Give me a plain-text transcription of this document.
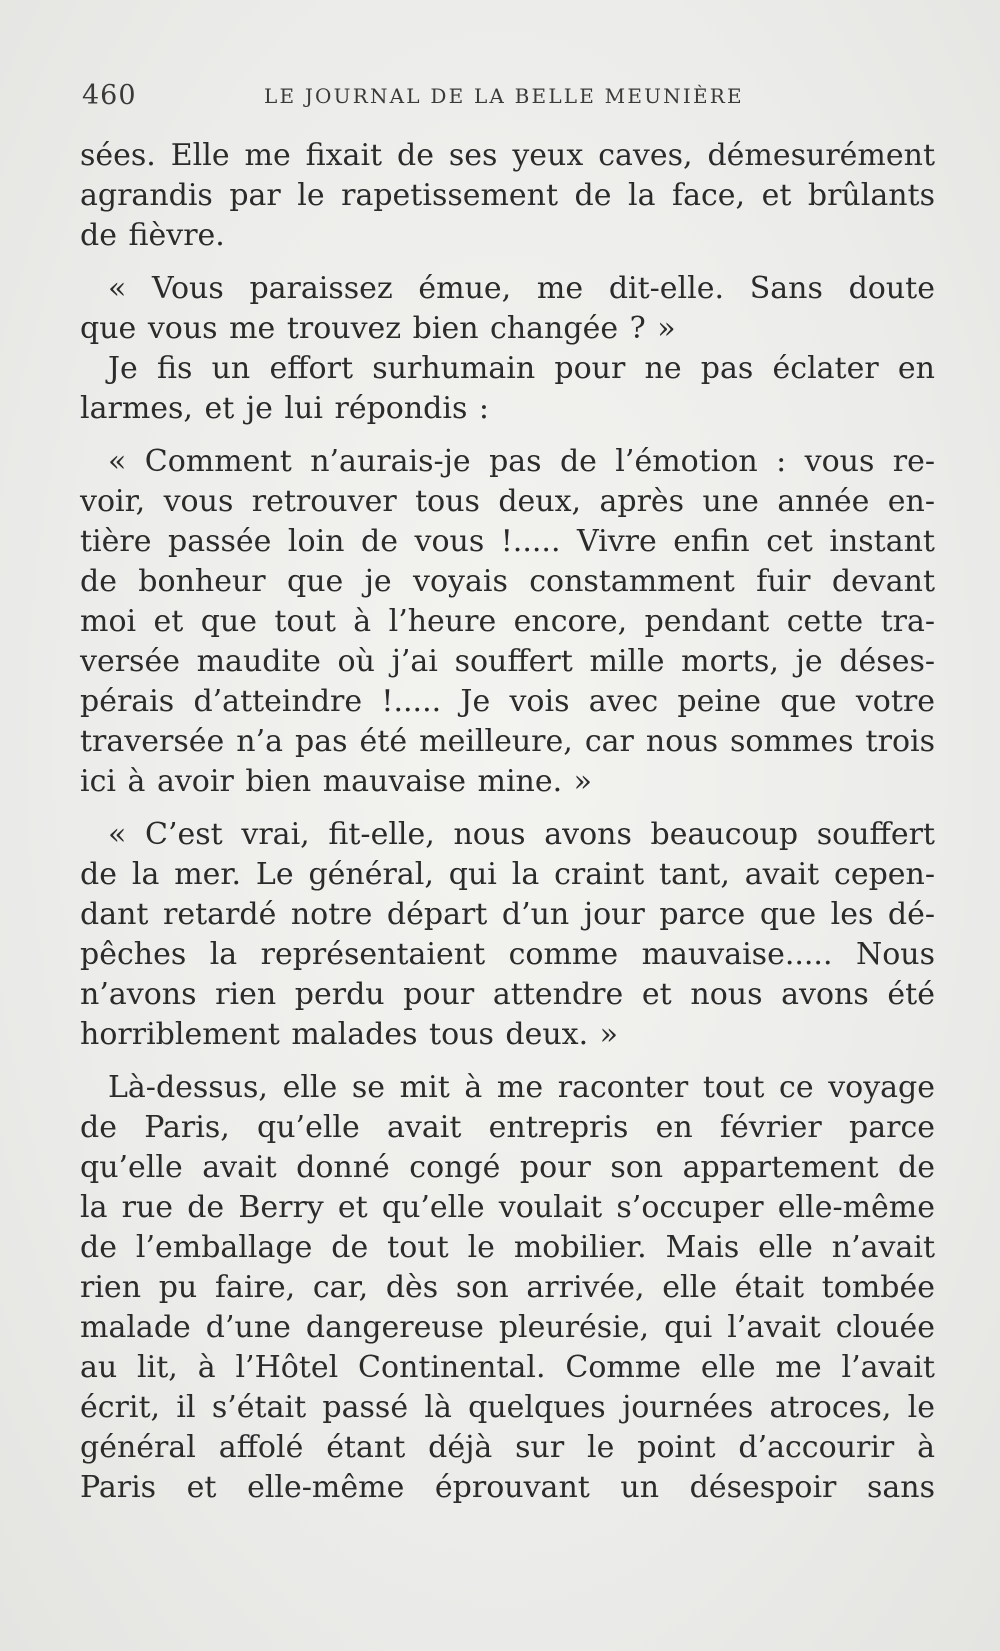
460	LE JOURNAL DE LA BELLE MEUNIÈRE

sées. Elle me fixait de ses yeux caves, démesurément
agrandis par le rapetissement de la face, et brûlants
de fièvre.

« Vous paraissez émue, me dit-elle. Sans doute
que vous me trouvez bien changée ? »

Je fis un effort surhumain pour ne pas éclater en
larmes, et je lui répondis :

« Comment n’aurais-je pas de l’émotion : vous re-
voir, vous retrouver tous deux, après une année en-
tière passée loin de vous !..... Vivre enfin cet instant
de bonheur que je voyais constamment fuir devant
moi et que tout à l’heure encore, pendant cette tra-
versée maudite où j’ai souffert mille morts, je déses-
pérais d’atteindre !..... Je vois avec peine que votre
traversée n’a pas été meilleure, car nous sommes trois
ici à avoir bien mauvaise mine. »

« C’est vrai, fit-elle, nous avons beaucoup souffert
de la mer. Le général, qui la craint tant, avait cepen-
dant retardé notre départ d’un jour parce que les dé-
pêches la représentaient comme mauvaise..... Nous
n’avons rien perdu pour attendre et nous avons été
horriblement malades tous deux. »

Là-dessus, elle se mit à me raconter tout ce voyage
de Paris, qu’elle avait entrepris en février parce
qu’elle avait donné congé pour son appartement de
la rue de Berry et qu’elle voulait s’occuper elle-même
de l’emballage de tout le mobilier. Mais elle n’avait
rien pu faire, car, dès son arrivée, elle était tombée
malade d’une dangereuse pleurésie, qui l’avait clouée
au lit, à l’Hôtel Continental. Comme elle me l’avait
écrit, il s’était passé là quelques journées atroces, le
général affolé étant déjà sur le point d’accourir à
Paris et elle-même éprouvant un désespoir sans
